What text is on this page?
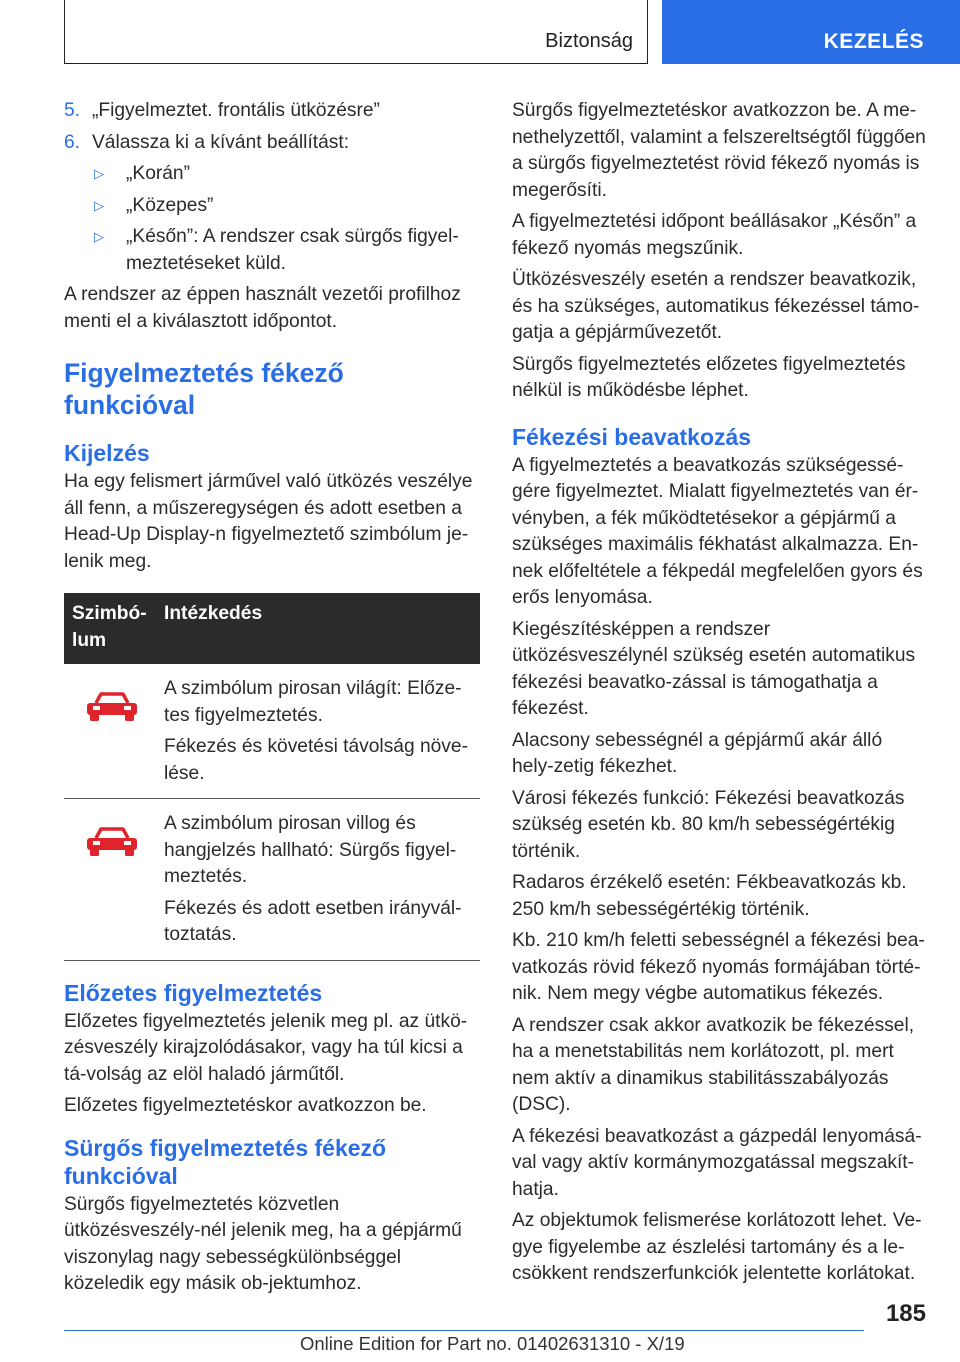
Biztonság	KEZELÉS
5. „Figyelmeztet. frontális ütközésre”
6. Válassza ki a kívánt beállítást:
▷	„Korán”
▷	„Közepes”
▷	„Későn”: A rendszer csak sürgős figyel-meztetéseket küld.

A rendszer az éppen használt vezetői profilhoz menti el a kiválasztott időpontot.

Figyelmeztetés fékező funkcióval
Kijelzés

Ha egy felismert járművel való ütközés veszélye áll fenn, a műszeregységen és adott esetben a Head-Up Display-n figyelmeztető szimbólum je-lenik meg.

Szimbó-lum
Intézkedés

A szimbólum pirosan világít: Előze-tes figyelmeztetés.

Fékezés és követési távolság növe-lése.

A szimbólum pirosan villog és hangjelzés hallható: Sürgős figyel-meztetés.

Fékezés és adott esetben irányvál-toztatás.

Előzetes figyelmeztetés

Előzetes figyelmeztetés jelenik meg pl. az ütkö-zésveszély kirajzolódásakor, vagy ha túl kicsi a tá-volság az elöl haladó járműtől.

Előzetes figyelmeztetéskor avatkozzon be.

Sürgős figyelmeztetés fékező funkcióval

Sürgős figyelmeztetés közvetlen ütközésveszély-nél jelenik meg, ha a gépjármű viszonylag nagy sebességkülönbséggel közeledik egy másik ob-jektumhoz.

Sürgős figyelmeztetéskor avatkozzon be. A me-nethelyzettől, valamint a felszereltségtől függően a sürgős figyelmeztetést rövid fékező nyomás is megerősíti.

A figyelmeztetési időpont beállásakor „Későn” a fékező nyomás megszűnik.

Ütközésveszély esetén a rendszer beavatkozik, és ha szükséges, automatikus fékezéssel támo-gatja a gépjárművezetőt.

Sürgős figyelmeztetés előzetes figyelmeztetés nélkül is működésbe léphet.

Fékezési beavatkozás

A figyelmeztetés a beavatkozás szükségessé-gére figyelmeztet. Mialatt figyelmeztetés van ér-vényben, a fék működtetésekor a gépjármű a szükséges maximális fékhatást alkalmazza. En-nek előfeltétele a fékpedál megfelelően gyors és erős lenyomása.

Kiegészítésképpen a rendszer ütközésveszélynél szükség esetén automatikus fékezési beavatko-zással is támogathatja a fékezést.

Alacsony sebességnél a gépjármű akár álló hely-zetig fékezhet.

Városi fékezés funkció: Fékezési beavatkozás szükség esetén kb. 80 km/h sebességértékig történik.

Radaros érzékelő esetén: Fékbeavatkozás kb. 250 km/h sebességértékig történik.

Kb. 210 km/h feletti sebességnél a fékezési bea-vatkozás rövid fékező nyomás formájában törté-nik. Nem megy végbe automatikus fékezés.

A rendszer csak akkor avatkozik be fékezéssel, ha a menetstabilitás nem korlátozott, pl. mert nem aktív a dinamikus stabilitásszabályozás (DSC).

A fékezési beavatkozást a gázpedál lenyomásá-val vagy aktív kormánymozgatással megszakít-hatja.

Az objektumok felismerése korlátozott lehet. Ve-gye figyelembe az észlelési tartomány és a le-csökkent rendszerfunkciók jelentette korlátokat.

185
Online Edition for Part no. 01402631310 - X/19
